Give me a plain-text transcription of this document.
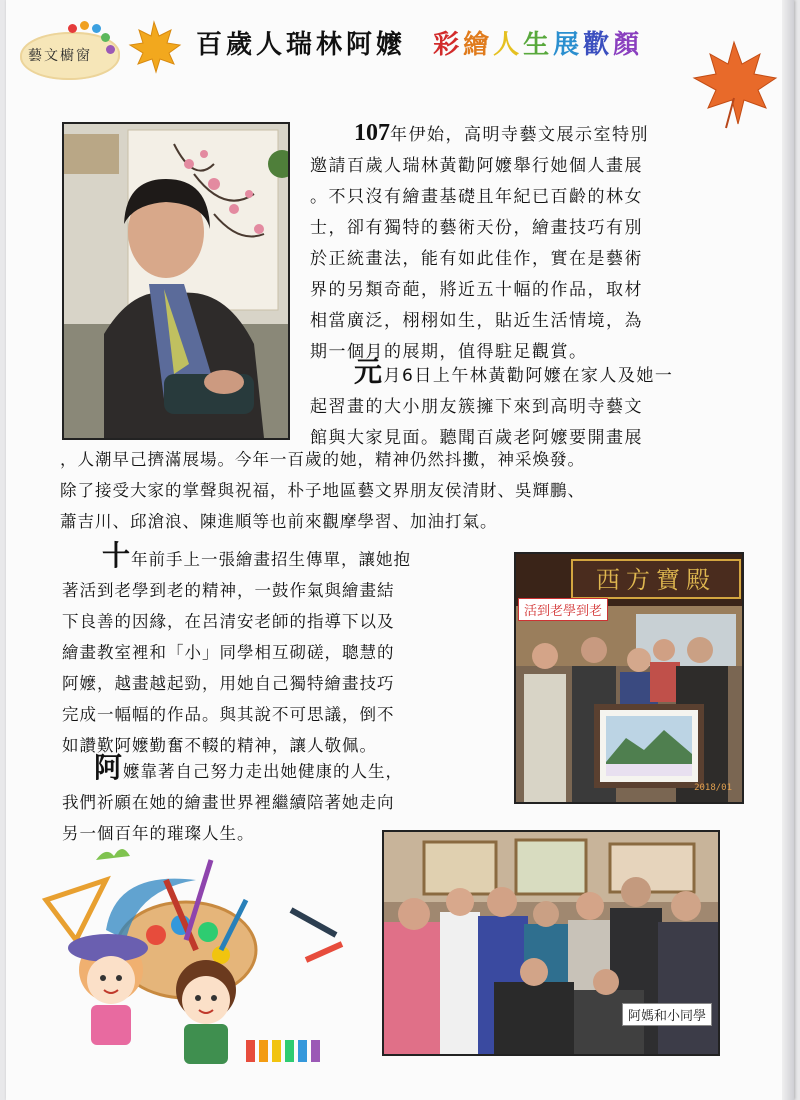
藝文櫥窗	百歲人瑞林阿嬤 彩繪人生展歡顏
107年伊始，高明寺藝文展示室特別
邀請百歲人瑞林黃勸阿嬤舉行她個人畫展
。不只沒有繪畫基礎且年紀已百齡的林女
士，卻有獨特的藝術天份，繪畫技巧有別
於正統畫法，能有如此佳作，實在是藝術
界的另類奇葩，將近五十幅的作品，取材
相當廣泛，栩栩如生，貼近生活情境，為
期一個月的展期，值得駐足觀賞。
元月6日上午林黃勸阿嬤在家人及她一
起習畫的大小朋友簇擁下來到高明寺藝文
館與大家見面。聽聞百歲老阿嬤要開畫展
，人潮早己擠滿展場。今年一百歲的她，精神仍然抖擻，神采煥發。
除了接受大家的掌聲與祝福，朴子地區藝文界朋友侯清財、吳輝鵬、
蕭吉川、邱滄浪、陳進順等也前來觀摩學習、加油打氣。
十年前手上一張繪畫招生傳單，讓她抱
著活到老學到老的精神，一鼓作氣與繪畫結
下良善的因緣，在呂清安老師的指導下以及
繪畫教室裡和「小」同學相互砌磋，聰慧的
阿嬤，越畫越起勁，用她自己獨特繪畫技巧
完成一幅幅的作品。與其說不可思議，倒不
如讚歎阿嬤勤奮不輟的精神，讓人敬佩。
阿嬤靠著自己努力走出她健康的人生，
我們祈願在她的繪畫世界裡繼續陪著她走向
另一個百年的璀璨人生。
西方寶殿
2018/01
活到老學到老
阿媽和小同學
